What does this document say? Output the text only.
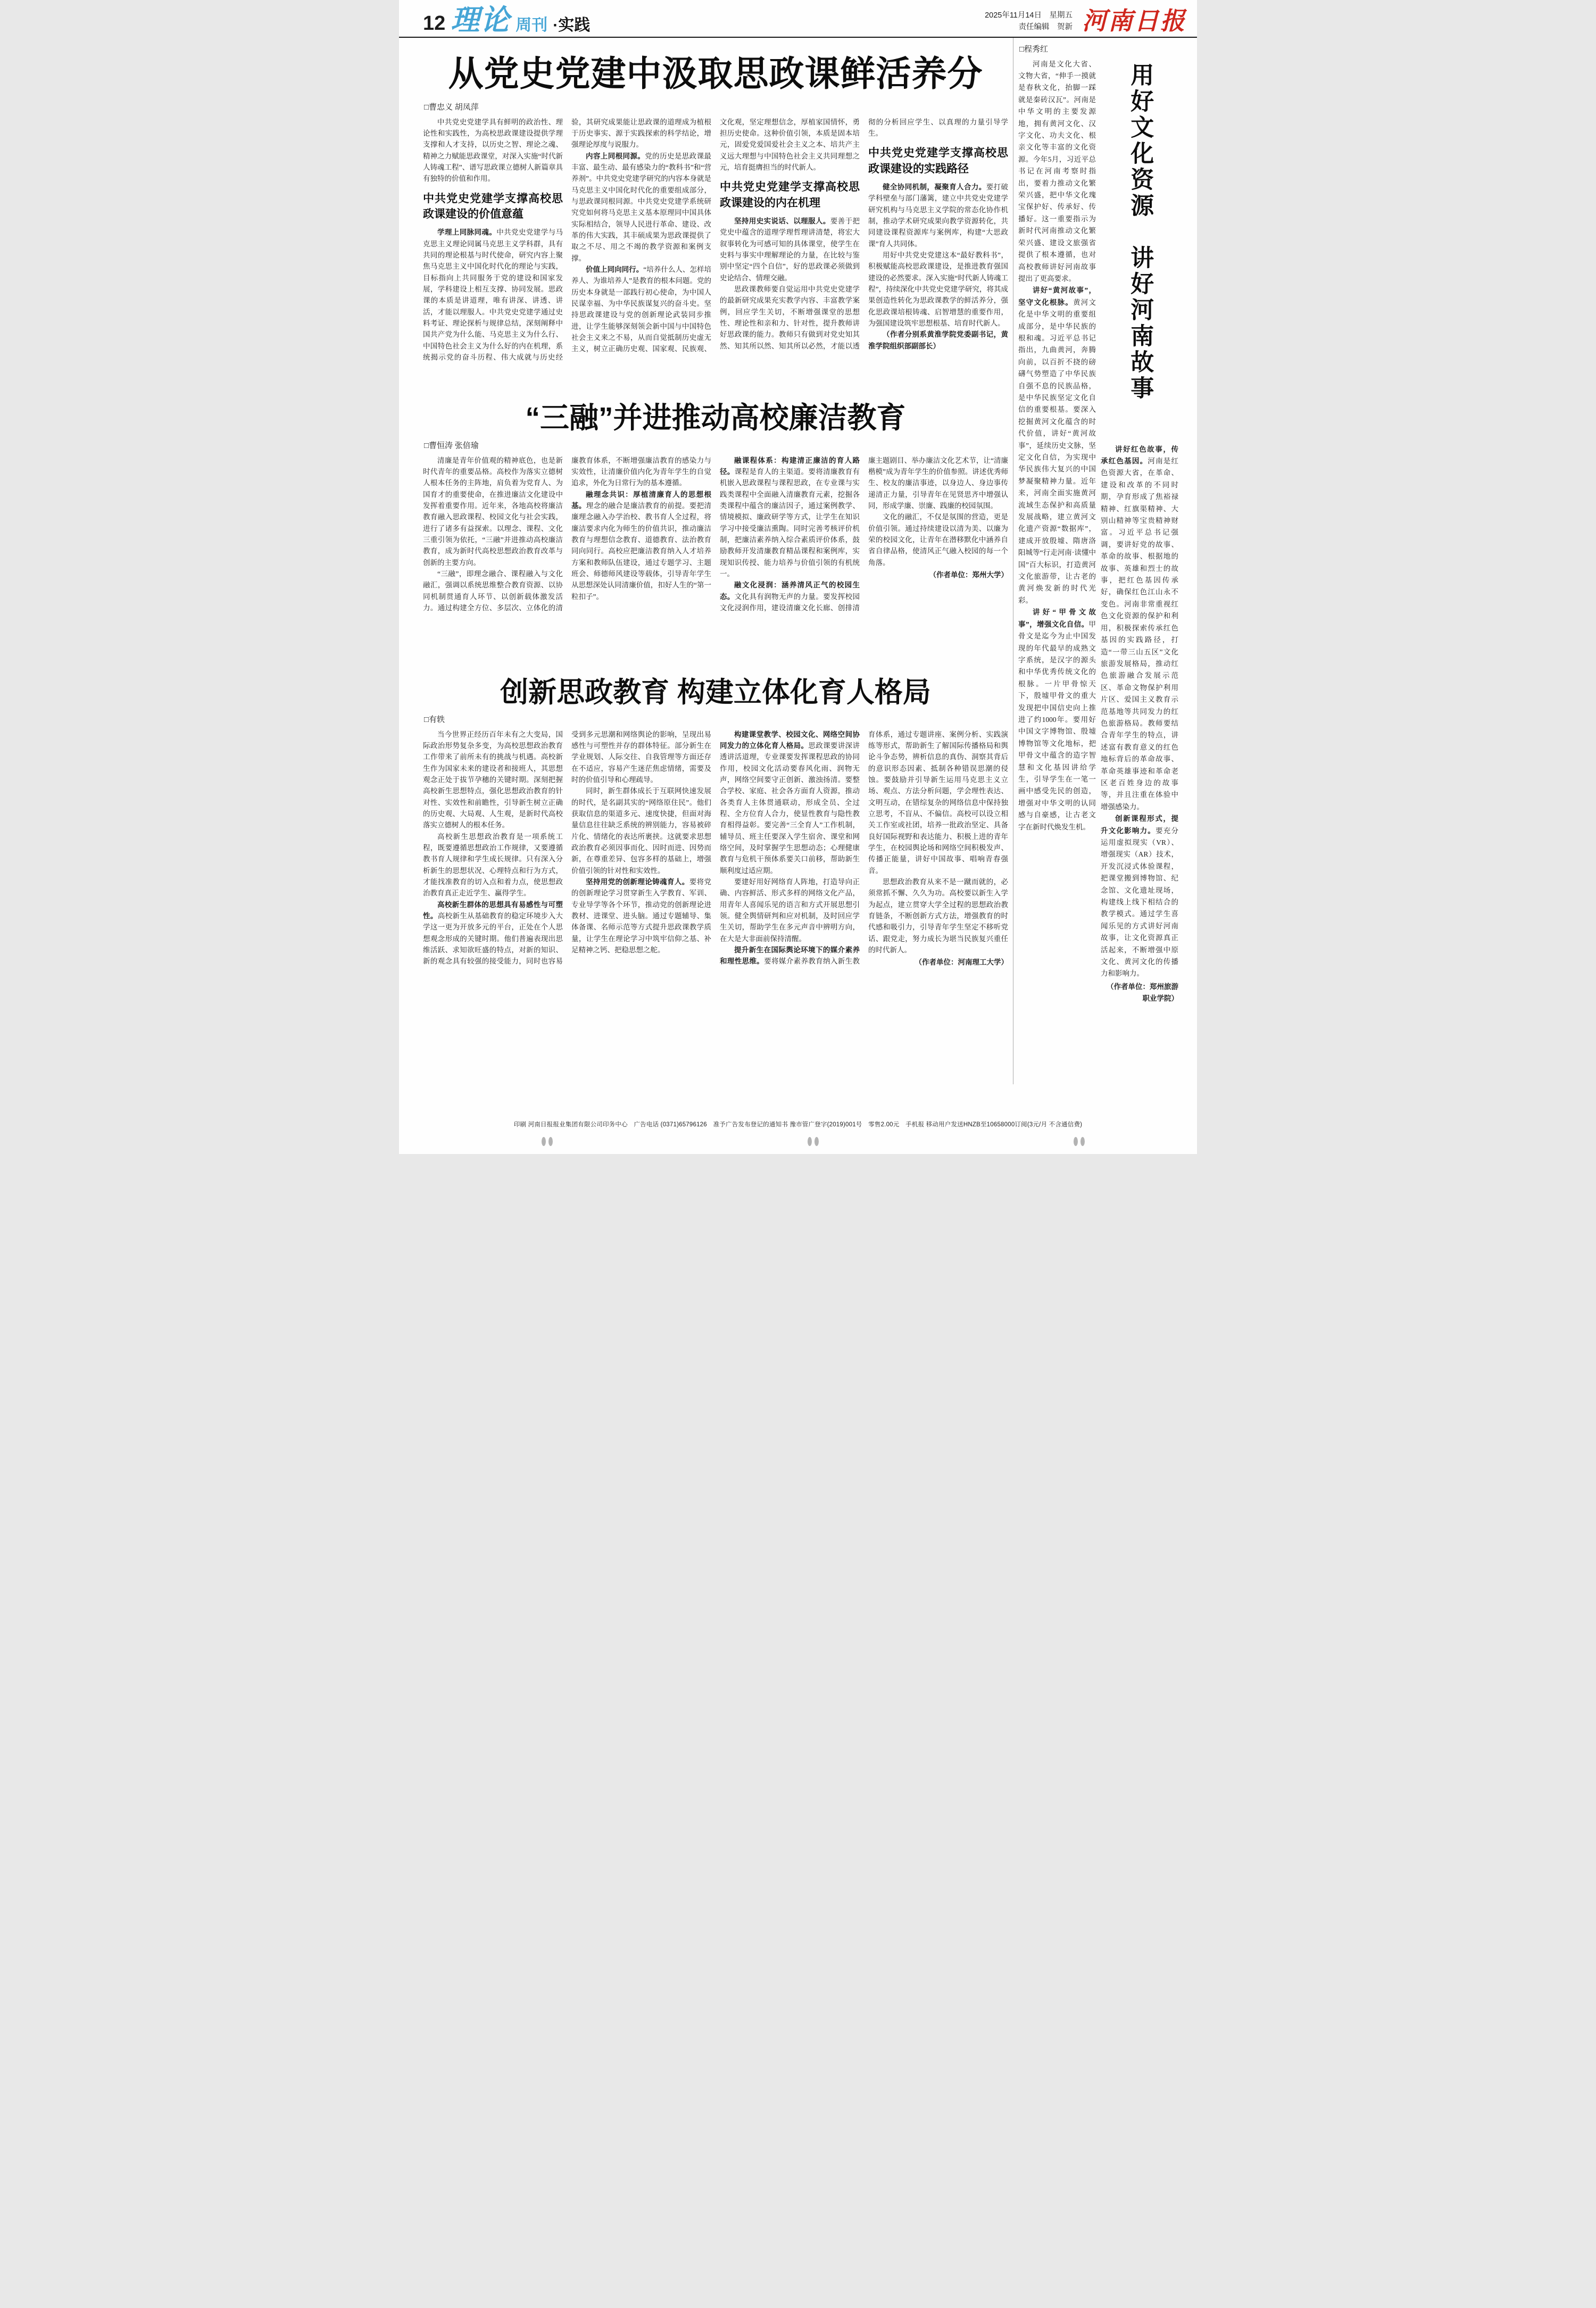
12 理论 周刊 ·实践
2025年11月14日　星期五
责任编辑　贺新 河南日报
从党史党建中汲取思政课鲜活养分
□曹忠义 胡凤萍

中共党史党建学具有鲜明的政治性、理论性和实践性，为高校思政课建设提供学理支撑和人才支持，以历史之智、理论之魂、精神之力赋能思政课堂，对深入实施“时代新人铸魂工程”、谱写思政课立德树人新篇章具有独特的价值和作用。

中共党史党建学支撑高校思政课建设的价值意蕴

学理上同脉同魂。中共党史党建学与马克思主义理论同属马克思主义学科群，具有共同的理论根基与时代使命，研究内容上聚焦马克思主义中国化时代化的理论与实践，目标指向上共同服务于党的建设和国家发展，学科建设上相互支撑、协同发展。思政课的本质是讲道理，唯有讲深、讲透、讲活，才能以理服人。中共党史党建学通过史料考证、理论探析与规律总结，深刻阐释中国共产党为什么能、马克思主义为什么行、中国特色社会主义为什么好的内在机理，系统揭示党的奋斗历程、伟大成就与历史经验，其研究成果能让思政课的道理成为植根于历史事实、源于实践探索的科学结论，增强理论厚度与说服力。

内容上同根同源。党的历史是思政课最丰富、最生动、最有感染力的“教科书”和“营养剂”。中共党史党建学研究的内容本身就是马克思主义中国化时代化的重要组成部分，与思政课同根同源。中共党史党建学系统研究党如何将马克思主义基本原理同中国具体实际相结合，领导人民进行革命、建设、改革的伟大实践，其丰硕成果为思政课提供了取之不尽、用之不竭的教学资源和案例支撑。

价值上同向同行。“培养什么人、怎样培养人、为谁培养人”是教育的根本问题。党的历史本身就是一部践行初心使命，为中国人民谋幸福、为中华民族谋复兴的奋斗史。坚持思政课建设与党的创新理论武装同步推进，让学生能够深刻领会新中国与中国特色社会主义来之不易，从而自觉抵制历史虚无主义，树立正确历史观、国家观、民族观、文化观，坚定理想信念，厚植家国情怀，勇担历史使命。这种价值引领，本质是固本培元，固爱党爱国爱社会主义之本、培共产主义远大理想与中国特色社会主义共同理想之元，培育挺膺担当的时代新人。

中共党史党建学支撑高校思政课建设的内在机理

坚持用史实说话、以理服人。要善于把党史中蕴含的道理学理哲理讲清楚，将宏大叙事转化为可感可知的具体课堂，使学生在史料与事实中理解理论的力量，在比较与鉴别中坚定“四个自信”，好的思政课必须做到史论结合、情理交融。

思政课教师要自觉运用中共党史党建学的最新研究成果充实教学内容、丰富教学案例，回应学生关切，不断增强课堂的思想性、理论性和亲和力、针对性，提升教师讲好思政课的能力。教师只有做到对党史知其然、知其所以然、知其所以必然，才能以透彻的分析回应学生、以真理的力量引导学生。

中共党史党建学支撑高校思政课建设的实践路径

健全协同机制，凝聚育人合力。要打破学科壁垒与部门藩篱，建立中共党史党建学研究机构与马克思主义学院的常态化协作机制，推动学术研究成果向教学资源转化，共同建设课程资源库与案例库，构建“大思政课”育人共同体。

用好中共党史党建这本“最好教科书”，积极赋能高校思政课建设，是推进教育强国建设的必然要求。深入实施“时代新人铸魂工程”，持续深化中共党史党建学研究，将其成果创造性转化为思政课教学的鲜活养分，强化思政课培根铸魂、启智增慧的重要作用，为强国建设筑牢思想根基、培育时代新人。

（作者分别系黄淮学院党委副书记，黄淮学院组织部副部长）

“三融”并进推动高校廉洁教育
□曹恒涛 张倍瑜

清廉是青年价值观的精神底色，也是新时代青年的重要品格。高校作为落实立德树人根本任务的主阵地，肩负着为党育人、为国育才的重要使命，在推进廉洁文化建设中发挥着重要作用。近年来，各地高校将廉洁教育融入思政课程、校园文化与社会实践，进行了诸多有益探索。以理念、课程、文化三重引领为依托，“三融”并进推动高校廉洁教育，成为新时代高校思想政治教育改革与创新的主要方向。

“三融”，即理念融合、课程融入与文化融汇，强调以系统思维整合教育资源、以协同机制贯通育人环节、以创新载体激发活力。通过构建全方位、多层次、立体化的清廉教育体系，不断增强廉洁教育的感染力与实效性，让清廉价值内化为青年学生的自觉追求，外化为日常行为的基本遵循。

融理念共识：厚植清廉育人的思想根基。理念的融合是廉洁教育的前提。要把清廉理念融入办学治校、教书育人全过程，将廉洁要求内化为师生的价值共识，推动廉洁教育与理想信念教育、道德教育、法治教育同向同行。高校应把廉洁教育纳入人才培养方案和教师队伍建设，通过专题学习、主题班会、师德师风建设等载体，引导青年学生从思想深处认同清廉价值，扣好人生的“第一粒扣子”。

融课程体系：构建清正廉洁的育人路径。课程是育人的主渠道。要将清廉教育有机嵌入思政课程与课程思政，在专业课与实践类课程中全面融入清廉教育元素，挖掘各类课程中蕴含的廉洁因子，通过案例教学、情境模拟、廉政研学等方式，让学生在知识学习中接受廉洁熏陶。同时完善考核评价机制，把廉洁素养纳入综合素质评价体系，鼓励教师开发清廉教育精品课程和案例库，实现知识传授、能力培养与价值引领的有机统一。

融文化浸润：涵养清风正气的校园生态。文化具有润物无声的力量。要发挥校园文化浸润作用，建设清廉文化长廊、创排清廉主题剧目、举办廉洁文化艺术节，让“清廉楷模”成为青年学生的价值参照。讲述优秀师生、校友的廉洁事迹，以身边人、身边事传递清正力量，引导青年在见贤思齐中增强认同，形成学廉、崇廉、践廉的校园氛围。

文化的融汇，不仅是氛围的营造，更是价值引领。通过持续建设以清为美、以廉为荣的校园文化，让青年在潜移默化中涵养自省自律品格，使清风正气融入校园的每一个角落。

（作者单位：郑州大学）

创新思政教育 构建立体化育人格局
□有轶

当今世界正经历百年未有之大变局，国际政治形势复杂多变，为高校思想政治教育工作带来了前所未有的挑战与机遇。高校新生作为国家未来的建设者和接班人，其思想观念正处于拔节孕穗的关键时期。深刻把握高校新生思想特点，强化思想政治教育的针对性、实效性和前瞻性，引导新生树立正确的历史观、大局观、人生观，是新时代高校落实立德树人的根本任务。

高校新生思想政治教育是一项系统工程，既要遵循思想政治工作规律，又要遵循教书育人规律和学生成长规律。只有深入分析新生的思想状况、心理特点和行为方式，才能找准教育的切入点和着力点，使思想政治教育真正走近学生、赢得学生。

高校新生群体的思想具有易感性与可塑性。高校新生从基础教育的稳定环境步入大学这一更为开放多元的平台，正处在个人思想观念形成的关键时期。他们普遍表现出思维活跃、求知欲旺盛的特点，对新的知识、新的观念具有较强的接受能力，同时也容易受到多元思潮和网络舆论的影响，呈现出易感性与可塑性并存的群体特征。部分新生在学业规划、人际交往、自我管理等方面还存在不适应，容易产生迷茫焦虑情绪，需要及时的价值引导和心理疏导。

同时，新生群体成长于互联网快速发展的时代，是名副其实的“网络原住民”。他们获取信息的渠道多元、速度快捷，但面对海量信息往往缺乏系统的辨别能力，容易被碎片化、情绪化的表达所裹挟。这就要求思想政治教育必须因事而化、因时而进、因势而新，在尊重差异、包容多样的基础上，增强价值引领的针对性和实效性。

坚持用党的创新理论铸魂育人。要将党的创新理论学习贯穿新生入学教育、军训、专业导学等各个环节，推动党的创新理论进教材、进课堂、进头脑。通过专题辅导、集体备课、名师示范等方式提升思政课教学质量，让学生在理论学习中筑牢信仰之基、补足精神之钙、把稳思想之舵。

构建课堂教学、校园文化、网络空间协同发力的立体化育人格局。思政课要讲深讲透讲活道理，专业课要发挥课程思政的协同作用，校园文化活动要春风化雨、润物无声，网络空间要守正创新、激浊扬清。要整合学校、家庭、社会各方面育人资源，推动各类育人主体贯通联动，形成全员、全过程、全方位育人合力，使显性教育与隐性教育相得益彰。要完善“三全育人”工作机制，辅导员、班主任要深入学生宿舍、课堂和网络空间，及时掌握学生思想动态；心理健康教育与危机干预体系要关口前移，帮助新生顺利度过适应期。

要建好用好网络育人阵地，打造导向正确、内容鲜活、形式多样的网络文化产品，用青年人喜闻乐见的语言和方式开展思想引领。健全舆情研判和应对机制，及时回应学生关切，帮助学生在多元声音中辨明方向，在大是大非面前保持清醒。

提升新生在国际舆论环境下的媒介素养和理性思维。要将媒介素养教育纳入新生教育体系，通过专题讲座、案例分析、实践演练等形式，帮助新生了解国际传播格局和舆论斗争态势，辨析信息的真伪、洞察其背后的意识形态因素、抵制各种错误思潮的侵蚀。要鼓励并引导新生运用马克思主义立场、观点、方法分析问题，学会理性表达、文明互动，在错综复杂的网络信息中保持独立思考，不盲从、不偏信。高校可以设立相关工作室或社团，培养一批政治坚定、具备良好国际视野和表达能力、积极上进的青年学生，在校园舆论场和网络空间积极发声、传播正能量，讲好中国故事、唱响青春强音。

思想政治教育从来不是一蹴而就的，必须常抓不懈、久久为功。高校要以新生入学为起点，建立贯穿大学全过程的思想政治教育链条，不断创新方式方法，增强教育的时代感和吸引力，引导青年学生坚定不移听党话、跟党走，努力成长为堪当民族复兴重任的时代新人。

（作者单位：河南理工大学）

□程秀红

河南是文化大省、文物大省，“伸手一摸就是春秋文化，抬脚一踩就是秦砖汉瓦”。河南是中华文明的主要发源地，拥有黄河文化、汉字文化、功夫文化、根亲文化等丰富的文化资源。今年5月，习近平总书记在河南考察时指出，要着力推动文化繁荣兴盛，把中华文化瑰宝保护好、传承好、传播好。这一重要指示为新时代河南推动文化繁荣兴盛、建设文旅强省提供了根本遵循，也对高校教师讲好河南故事提出了更高要求。

讲好“黄河故事”，坚守文化根脉。黄河文化是中华文明的重要组成部分，是中华民族的根和魂。习近平总书记指出，九曲黄河，奔腾向前，以百折不挠的磅礴气势塑造了中华民族自强不息的民族品格，是中华民族坚定文化自信的重要根基。要深入挖掘黄河文化蕴含的时代价值，讲好“黄河故事”，延续历史文脉，坚定文化自信，为实现中华民族伟大复兴的中国梦凝聚精神力量。近年来，河南全面实施黄河流域生态保护和高质量发展战略，建立黄河文化遗产资源“数据库”，建成开放殷墟、隋唐洛阳城等“行走河南·读懂中国”百大标识，打造黄河文化旅游带，让古老的黄河焕发新的时代光彩。

讲好“甲骨文故事”，增强文化自信。甲骨文是迄今为止中国发现的年代最早的成熟文字系统，是汉字的源头和中华优秀传统文化的根脉。一片甲骨惊天下，殷墟甲骨文的重大发现把中国信史向上推进了约1000年。要用好中国文字博物馆、殷墟博物馆等文化地标，把甲骨文中蕴含的造字智慧和文化基因讲给学生，引导学生在一笔一画中感受先民的创造，增强对中华文明的认同感与自豪感，让古老文字在新时代焕发生机。

用好文化资源　讲好河南故事

讲好红色故事，传承红色基因。河南是红色资源大省，在革命、建设和改革的不同时期，孕育形成了焦裕禄精神、红旗渠精神、大别山精神等宝贵精神财富。习近平总书记强调，要讲好党的故事、革命的故事、根据地的故事、英雄和烈士的故事，把红色基因传承好，确保红色江山永不变色。河南非常重视红色文化资源的保护和利用，积极探索传承红色基因的实践路径，打造“一带三山五区”文化旅游发展格局，推动红色旅游融合发展示范区、革命文物保护利用片区、爱国主义教育示范基地等共同发力的红色旅游格局。教师要结合青年学生的特点，讲述富有教育意义的红色地标背后的革命故事、革命英雄事迹和革命老区老百姓身边的故事等，并且注重在体验中增强感染力。

创新课程形式，提升文化影响力。要充分运用虚拟现实（VR）、增强现实（AR）技术，开发沉浸式体验课程，把课堂搬到博物馆、纪念馆、文化遗址现场，构建线上线下相结合的教学模式。通过学生喜闻乐见的方式讲好河南故事，让文化资源真正活起来，不断增强中原文化、黄河文化的传播力和影响力。

（作者单位：郑州旅游职业学院）

印刷 河南日报报业集团有限公司印务中心　广告电话 (0371)65796126　准予广告发布登记的通知书 豫市管广登字(2019)001号　零售2.00元　手机报 移动用户发送HNZB至10658000订阅(3元/月 不含通信费)
